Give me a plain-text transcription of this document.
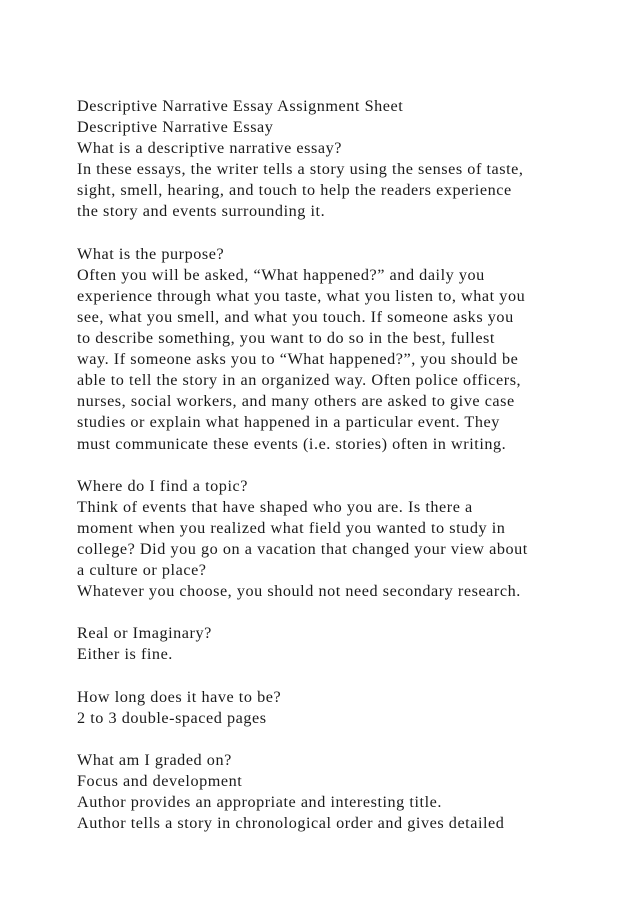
Descriptive Narrative Essay Assignment Sheet
Descriptive Narrative Essay
What is a descriptive narrative essay?
In these essays, the writer tells a story using the senses of taste,
sight, smell, hearing, and touch to help the readers experience
the story and events surrounding it.
What is the purpose?
Often you will be asked, “What happened?” and daily you
experience through what you taste, what you listen to, what you
see, what you smell, and what you touch. If someone asks you
to describe something, you want to do so in the best, fullest
way. If someone asks you to “What happened?”, you should be
able to tell the story in an organized way. Often police officers,
nurses, social workers, and many others are asked to give case
studies or explain what happened in a particular event. They
must communicate these events (i.e. stories) often in writing.
Where do I find a topic?
Think of events that have shaped who you are. Is there a
moment when you realized what field you wanted to study in
college? Did you go on a vacation that changed your view about
a culture or place?
Whatever you choose, you should not need secondary research.
Real or Imaginary?
Either is fine.
How long does it have to be?
2 to 3 double-spaced pages
What am I graded on?
Focus and development
Author provides an appropriate and interesting title.
Author tells a story in chronological order and gives detailed
